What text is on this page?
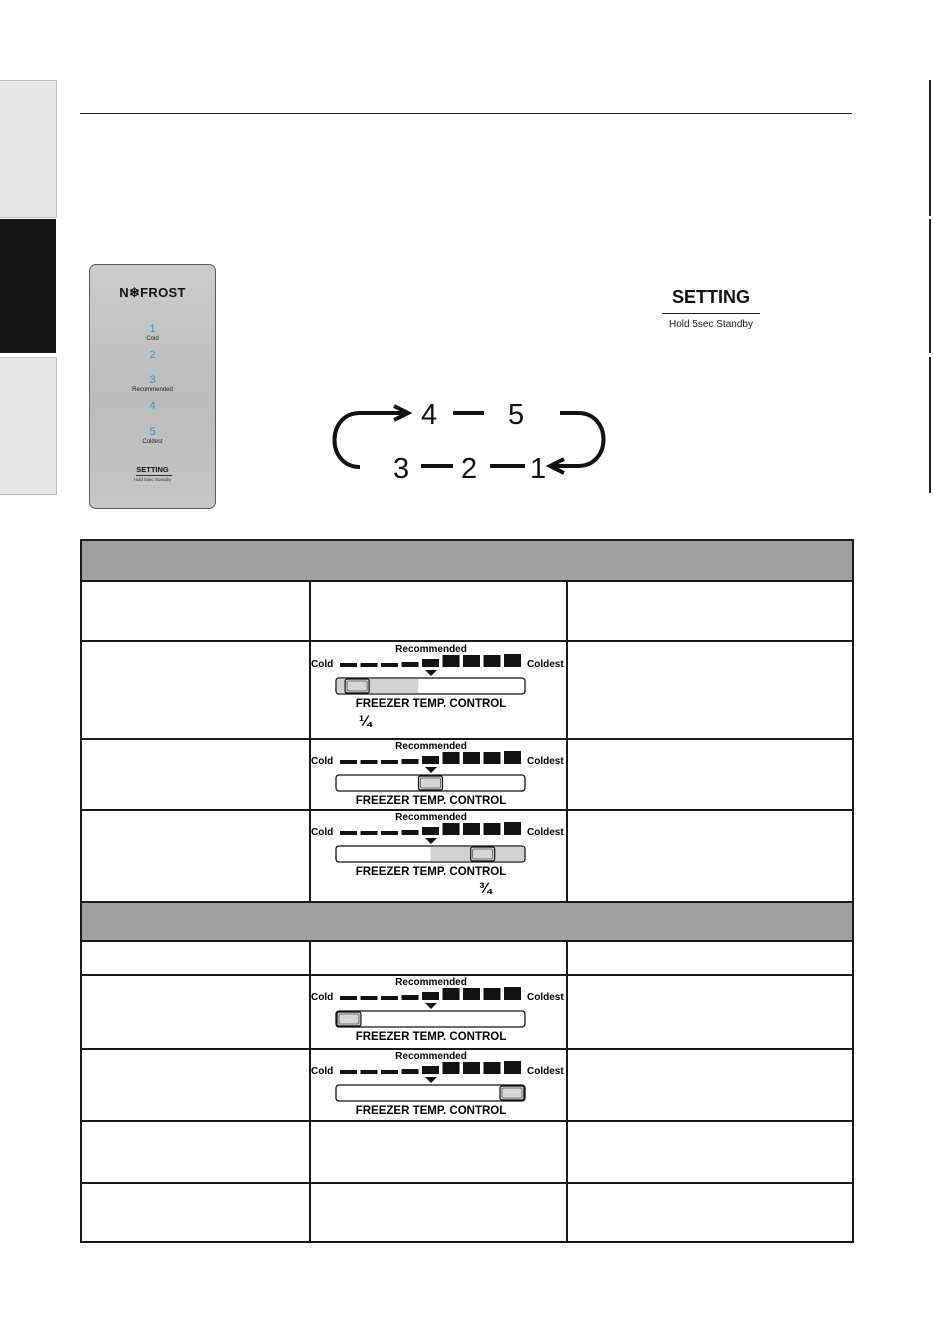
N❄FROST
1
Cold
2
3
Recommended
4
5
Coldest
SETTING
Hold 5sec Standby
SETTING
Hold 5sec Standby
4 5
3 2 1
Recommended
Cold	Coldest
FREEZER TEMP. CONTROL
¼
Recommended
Cold	Coldest
FREEZER TEMP. CONTROL
Recommended
Cold	Coldest
FREEZER TEMP. CONTROL
¾
Recommended
Cold	Coldest
FREEZER TEMP. CONTROL
Recommended
Cold	Coldest
FREEZER TEMP. CONTROL
